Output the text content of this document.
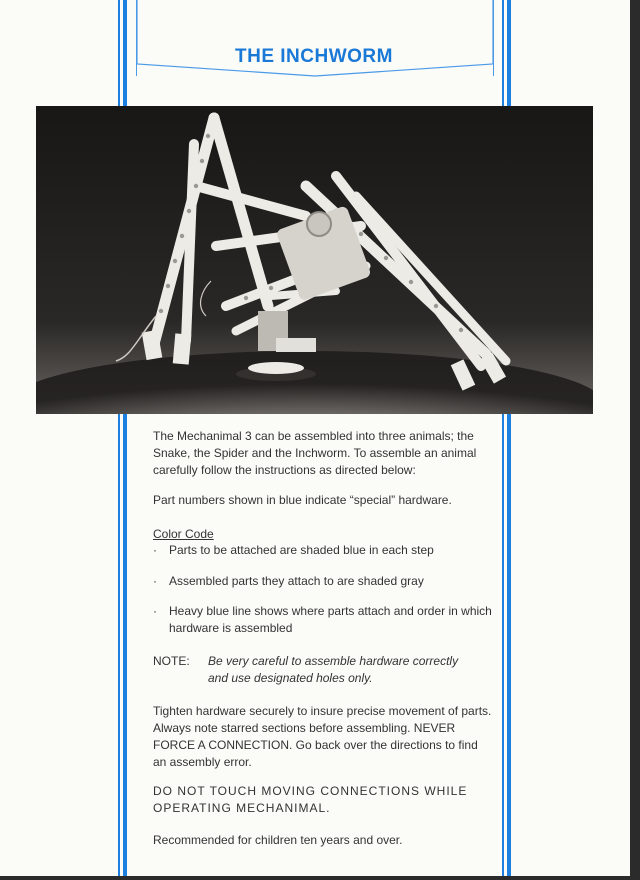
THE INCHWORM
The Mechanimal 3 can be assembled into three animals; the Snake, the Spider and the Inchworm. To assemble an animal carefully follow the instructions as directed below:
Part numbers shown in blue indicate “special” hardware.
Color Code
· Parts to be attached are shaded blue in each step
· Assembled parts they attach to are shaded gray
· Heavy blue line shows where parts attach and order in which hardware is assembled
NOTE: Be very careful to assemble hardware correctly
and use designated holes only.
Tighten hardware securely to insure precise movement of parts. Always note starred sections before assembling. NEVER FORCE A CONNECTION. Go back over the directions to find an assembly error.
DO NOT TOUCH MOVING CONNECTIONS WHILE OPERATING MECHANIMAL.
Recommended for children ten years and over.
